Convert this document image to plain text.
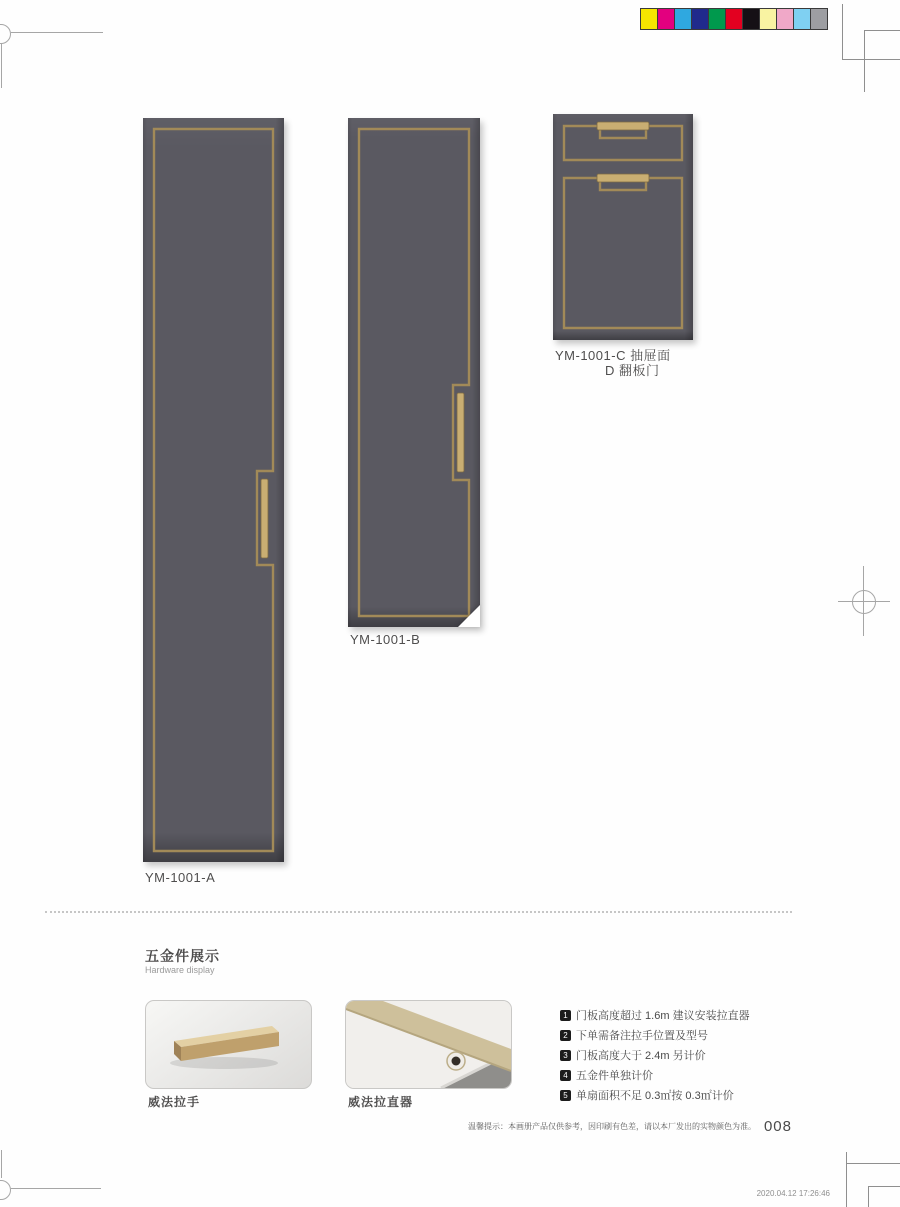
YM-1001-A
YM-1001-B
YM-1001-C 抽屉面
D 翻板门
五金件展示
Hardware display
威法拉手	威法拉直器
1 门板高度超过 1.6m 建议安装拉直器
2 下单需备注拉手位置及型号
3 门板高度大于 2.4m 另计价
4 五金件单独计价
5 单扇面积不足 0.3㎡按 0.3㎡计价
温馨提示：本画册产品仅供参考，因印刷有色差，请以本厂发出的实物颜色为准。 008
2020.04.12 17:26:46
